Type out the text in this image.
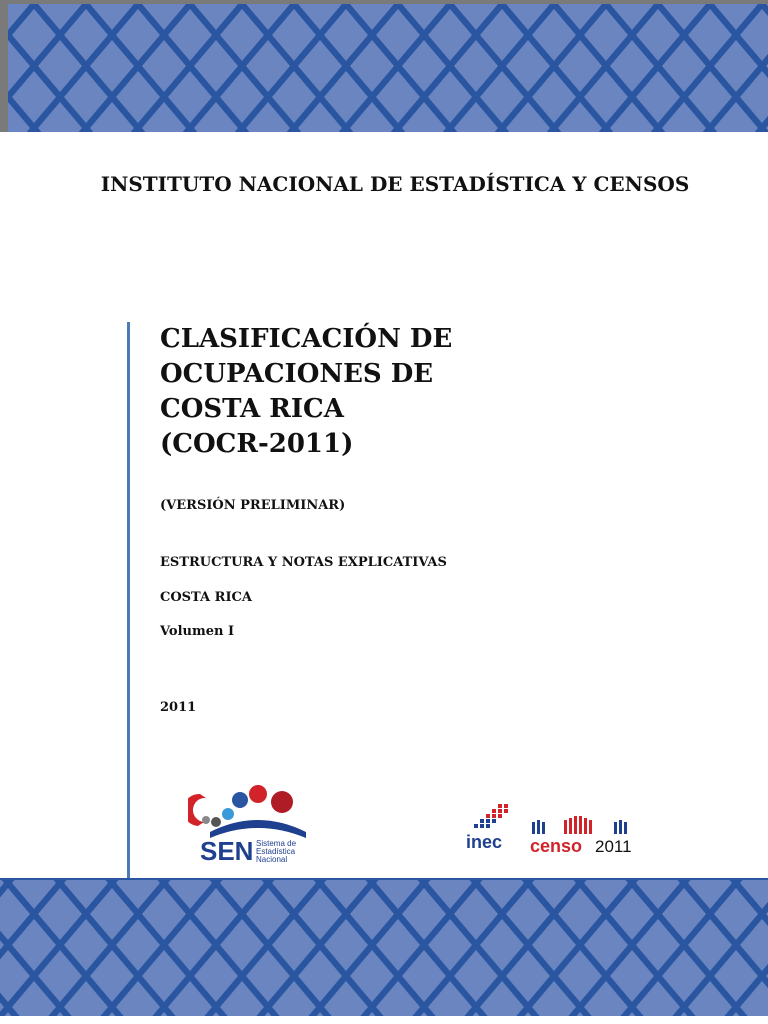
INSTITUTO NACIONAL DE ESTADÍSTICA Y CENSOS
CLASIFICACIÓN DE
OCUPACIONES DE
COSTA RICA
(COCR-2011)
(VERSIÓN PRELIMINAR)
ESTRUCTURA Y NOTAS EXPLICATIVAS
COSTA RICA
Volumen I
2011
SEN Sistema de
Estadística
Nacional
inec censo 2011
